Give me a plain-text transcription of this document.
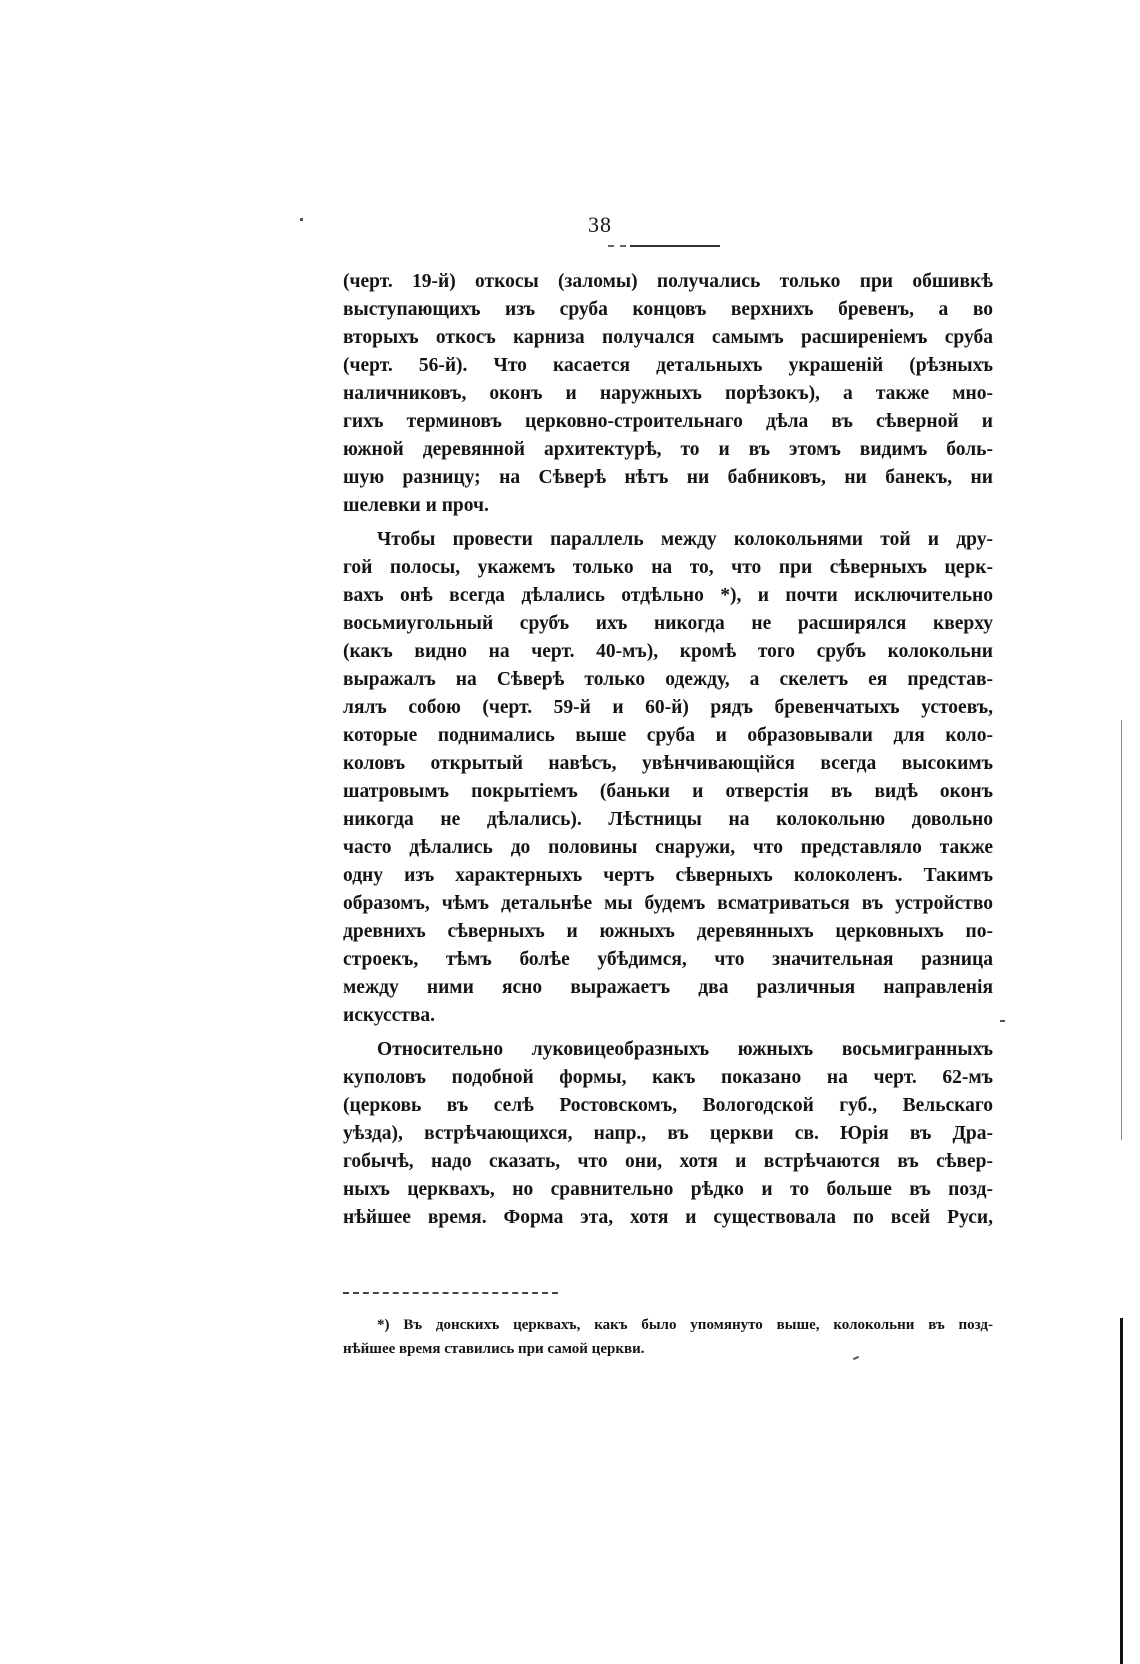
38
(черт. 19-й) откосы (заломы) получались только при обшивкѣ
выступающихъ изъ сруба концовъ верхнихъ бревенъ, а во
вторыхъ откосъ карниза получался самымъ расширеніемъ сруба
(черт. 56-й). Что касается детальныхъ украшеній (рѣзныхъ
наличниковъ, оконъ и наружныхъ порѣзокъ), а также мно-
гихъ терминовъ церковно-строительнаго дѣла въ сѣверной и
южной деревянной архитектурѣ, то и въ этомъ видимъ боль-
шую разницу; на Сѣверѣ нѣтъ ни бабниковъ, ни банекъ, ни
шелевки и проч.
Чтобы провести параллель между колокольнями той и дру-
гой полосы, укажемъ только на то, что при сѣверныхъ церк-
вахъ онѣ всегда дѣлались отдѣльно *), и почти исключительно
восьмиугольный срубъ ихъ никогда не расширялся кверху
(какъ видно на черт. 40-мъ), кромѣ того срубъ колокольни
выражалъ на Сѣверѣ только одежду, а скелетъ ея представ-
лялъ собою (черт. 59-й и 60-й) рядъ бревенчатыхъ устоевъ,
которые поднимались выше сруба и образовывали для коло-
коловъ открытый навѣсъ, увѣнчивающійся всегда высокимъ
шатровымъ покрытіемъ (баньки и отверстія въ видѣ оконъ
никогда не дѣлались). Лѣстницы на колокольню довольно
часто дѣлались до половины снаружи, что представляло также
одну изъ характерныхъ чертъ сѣверныхъ колоколенъ. Такимъ
образомъ, чѣмъ детальнѣе мы будемъ всматриваться въ устройство
древнихъ сѣверныхъ и южныхъ деревянныхъ церковныхъ по-
строекъ, тѣмъ болѣе убѣдимся, что значительная разница
между ними ясно выражаетъ два различныя направленія
искусства.
Относительно луковицеобразныхъ южныхъ восьмигранныхъ
куполовъ подобной формы, какъ показано на черт. 62-мъ
(церковь въ селѣ Ростовскомъ, Вологодской губ., Вельскаго
уѣзда), встрѣчающихся, напр., въ церкви св. Юрія въ Дра-
гобычѣ, надо сказать, что они, хотя и встрѣчаются въ сѣвер-
ныхъ церквахъ, но сравнительно рѣдко и то больше въ позд-
нѣйшее время. Форма эта, хотя и существовала по всей Руси,
*) Въ донскихъ церквахъ, какъ было упомянуто выше, колокольни въ позд-
нѣйшее время ставились при самой церкви.
